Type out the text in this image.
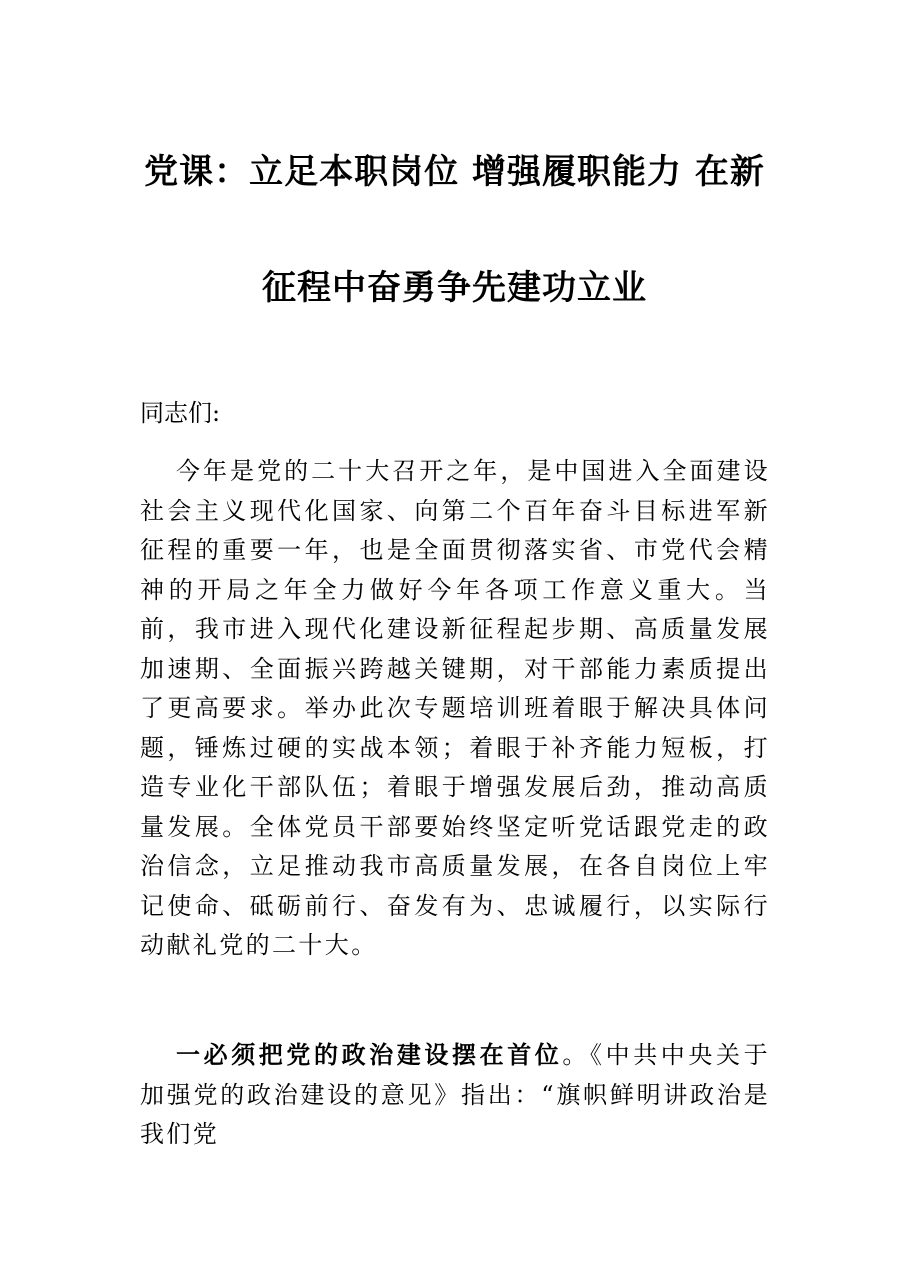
党课：立足本职岗位 增强履职能力 在新
征程中奋勇争先建功立业

同志们:

今年是党的二十大召开之年，是中国进入全面建设社会主义现代化国家、向第二个百年奋斗目标进军新征程的重要一年，也是全面贯彻落实省、市党代会精神的开局之年全力做好今年各项工作意义重大。当前，我市进入现代化建设新征程起步期、高质量发展加速期、全面振兴跨越关键期，对干部能力素质提出了更高要求。举办此次专题培训班着眼于解决具体问题，锤炼过硬的实战本领；着眼于补齐能力短板，打造专业化干部队伍；着眼于增强发展后劲，推动高质量发展。全体党员干部要始终坚定听党话跟党走的政治信念，立足推动我市高质量发展，在各自岗位上牢记使命、砥砺前行、奋发有为、忠诚履行，以实际行动献礼党的二十大。

一必须把党的政治建设摆在首位。《中共中央关于加强党的政治建设的意见》指出：“旗帜鲜明讲政治是我们党
